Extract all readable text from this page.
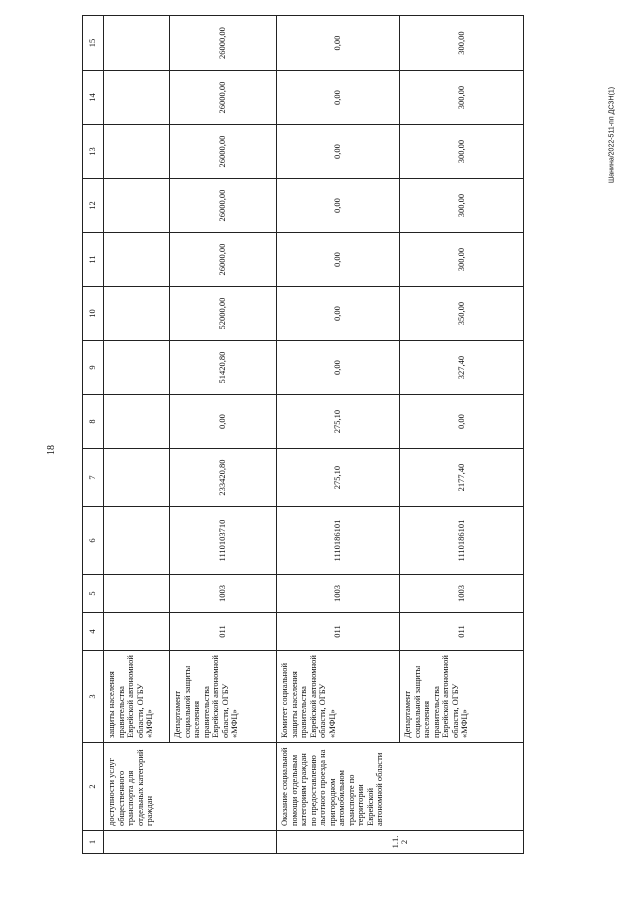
18
Шанина/2022-511-пп ДСЗН(1)
1	2	3	4	5	6	7	8	9	10	11	12	13	14	15
	доступности услуг общественного транспорта для отдельных категорий граждан	защиты населения правительства Еврейской автономной области, ОГБУ «МФЦ»												
		Департамент социальной защиты населения правительства Еврейской автономной области, ОГБУ «МФЦ»	011	1003	1110103710	233420,80	0,00	51420,80	52000,00	26000,00	26000,00	26000,00	26000,00	26000,00
1.1.2	Оказание социальной помощи отдельным категориям граждан по предоставлению льготного проезда на пригородном автомобильном транспорте по территории Еврейской автономной области	Комитет социальной защиты населения правительства Еврейской автономной области, ОГБУ «МФЦ»	011	1003	1110186101	275,10	275,10	0,00	0,00	0,00	0,00	0,00	0,00	0,00
		Департамент социальной защиты населения правительства Еврейской автономной области, ОГБУ «МФЦ»	011	1003	1110186101	2177,40	0,00	327,40	350,00	300,00	300,00	300,00	300,00	300,00
